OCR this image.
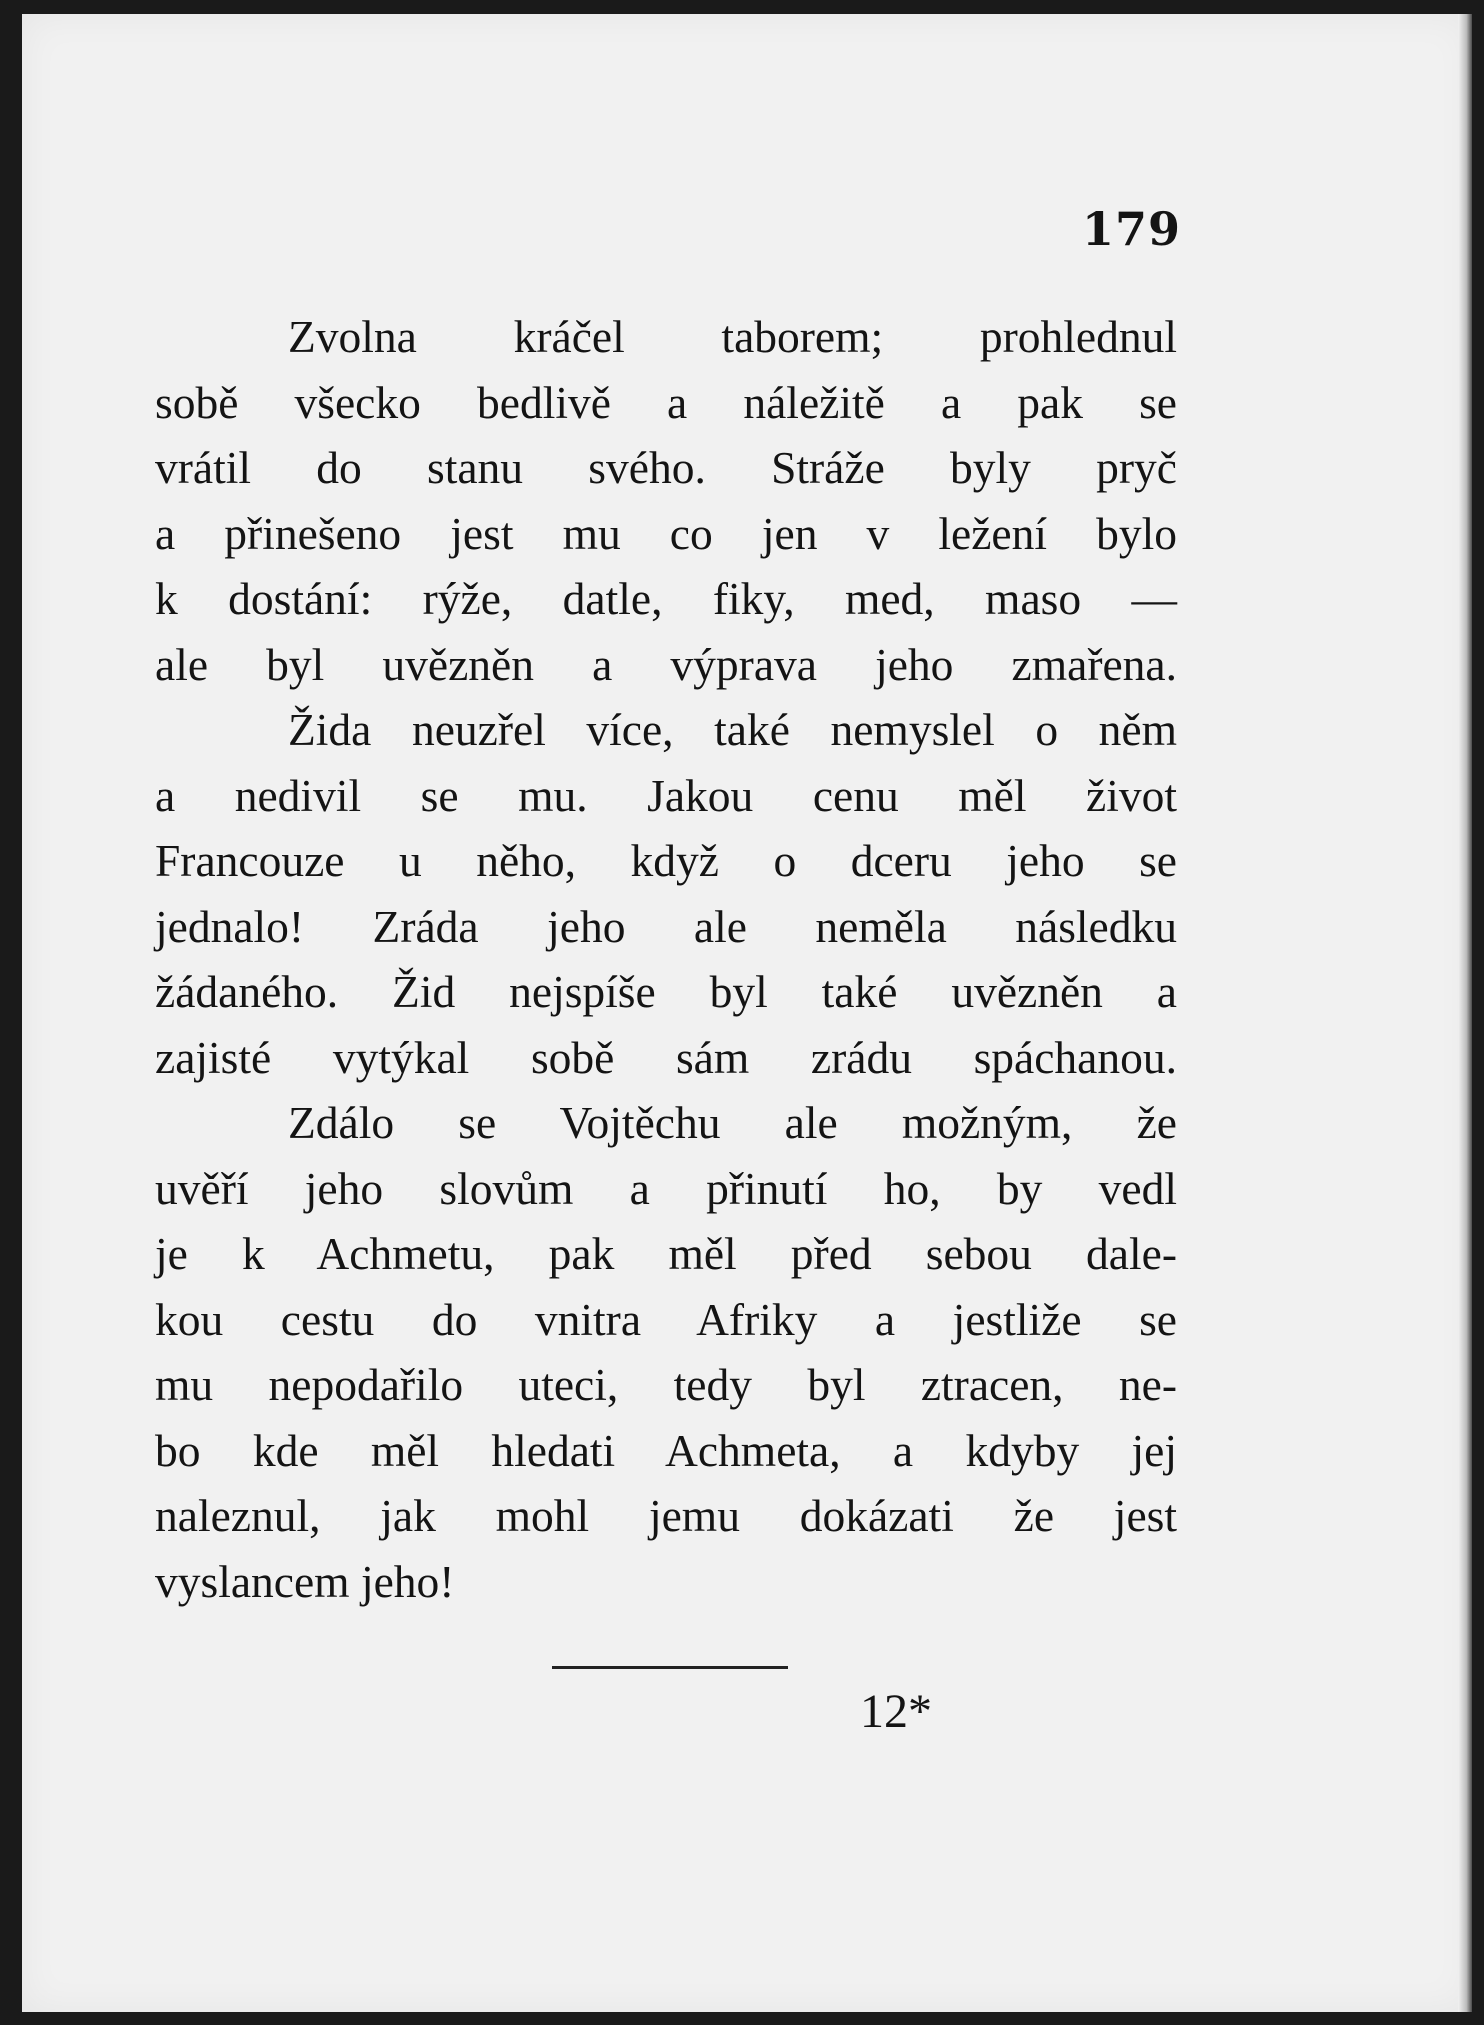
179
Zvolna kráčel taborem; prohlednul
sobě všecko bedlivě a náležitě a pak se
vrátil do stanu svého. Stráže byly pryč
a přinešeno jest mu co jen v ležení bylo
k dostání: rýže, datle, fiky, med, maso —
ale byl uvězněn a výprava jeho zmařena.
Žida neuzřel více, také nemyslel o něm
a nedivil se mu. Jakou cenu měl život
Francouze u něho, když o dceru jeho se
jednalo! Zráda jeho ale neměla následku
žádaného. Žid nejspíše byl také uvězněn a
zajisté vytýkal sobě sám zrádu spáchanou.
Zdálo se Vojtěchu ale možným, že
uvěří jeho slovům a přinutí ho, by vedl
je k Achmetu, pak měl před sebou dale-
kou cestu do vnitra Afriky a jestliže se
mu nepodařilo uteci, tedy byl ztracen, ne-
bo kde měl hledati Achmeta, a kdyby jej
naleznul, jak mohl jemu dokázati že jest
vyslancem jeho!
12*
